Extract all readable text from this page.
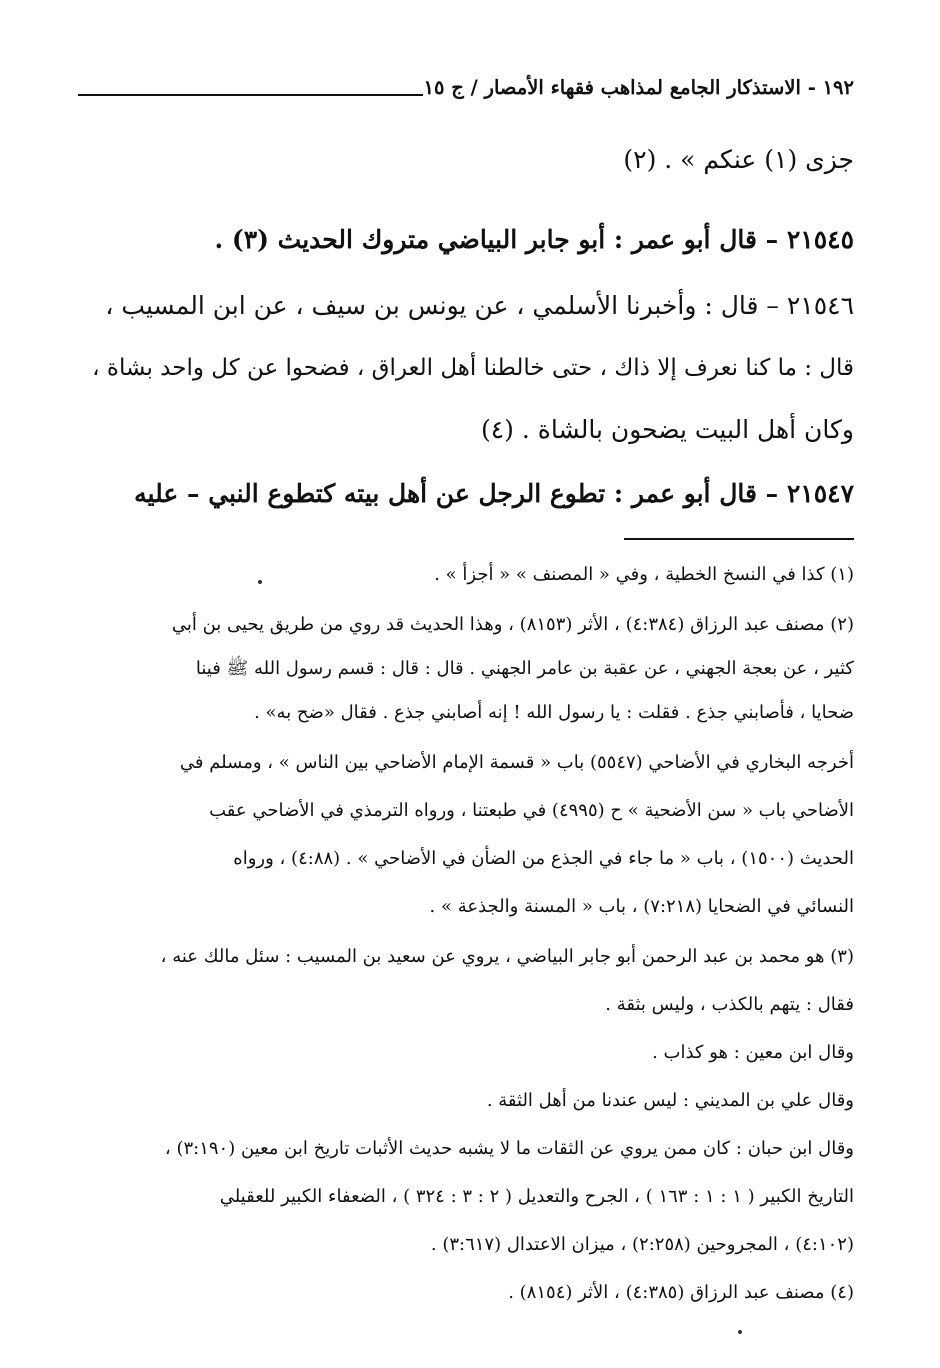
١٩٢ - الاستذكار الجامع لمذاهب فقهاء الأمصار / ج ١٥
جزى (١) عنكم » . (٢)
٢١٥٤٥ – قال أبو عمر : أبو جابر البياضي متروك الحديث (٣) .
٢١٥٤٦ – قال : وأخبرنا الأسلمي ، عن يونس بن سيف ، عن ابن المسيب ،
قال : ما كنا نعرف إلا ذاك ، حتى خالطنا أهل العراق ، فضحوا عن كل واحد بشاة ،
وكان أهل البيت يضحون بالشاة . (٤)
٢١٥٤٧ – قال أبو عمر : تطوع الرجل عن أهل بيته كتطوع النبي – عليه
(١) كذا في النسخ الخطية ، وفي « المصنف » « أجزأ » .
(٢) مصنف عبد الرزاق (٤:٣٨٤) ، الأثر (٨١٥٣) ، وهذا الحديث قد روي من طريق يحيى بن أبي
كثير ، عن بعجة الجهني ، عن عقبة بن عامر الجهني . قال : قال : قسم رسول الله ﷺ فينا
ضحايا ، فأصابني جذع . فقلت : يا رسول الله ! إنه أصابني جذع . فقال «ضح به» .
أخرجه البخاري في الأضاحي (٥٥٤٧) باب « قسمة الإمام الأضاحي بين الناس » ، ومسلم في
الأضاحي باب « سن الأضحية » ح (٤٩٩٥) في طبعتنا ، ورواه الترمذي في الأضاحي عقب
الحديث (١٥٠٠) ، باب « ما جاء في الجذع من الضأن في الأضاحي » . (٤:٨٨) ، ورواه
النسائي في الضحايا (٧:٢١٨) ، باب « المسنة والجذعة » .
(٣) هو محمد بن عبد الرحمن أبو جابر البياضي ، يروي عن سعيد بن المسيب : سئل مالك عنه ،
فقال : يتهم بالكذب ، وليس بثقة .
وقال ابن معين : هو كذاب .
وقال علي بن المديني : ليس عندنا من أهل الثقة .
وقال ابن حبان : كان ممن يروي عن الثقات ما لا يشبه حديث الأثبات تاريخ ابن معين (٣:١٩٠) ،
التاريخ الكبير ( ١ : ١ : ١٦٣ ) ، الجرح والتعديل ( ٢ : ٣ : ٣٢٤ ) ، الضعفاء الكبير للعقيلي
(٤:١٠٢) ، المجروحين (٢:٢٥٨) ، ميزان الاعتدال (٣:٦١٧) .
(٤) مصنف عبد الرزاق (٤:٣٨٥) ، الأثر (٨١٥٤) .
